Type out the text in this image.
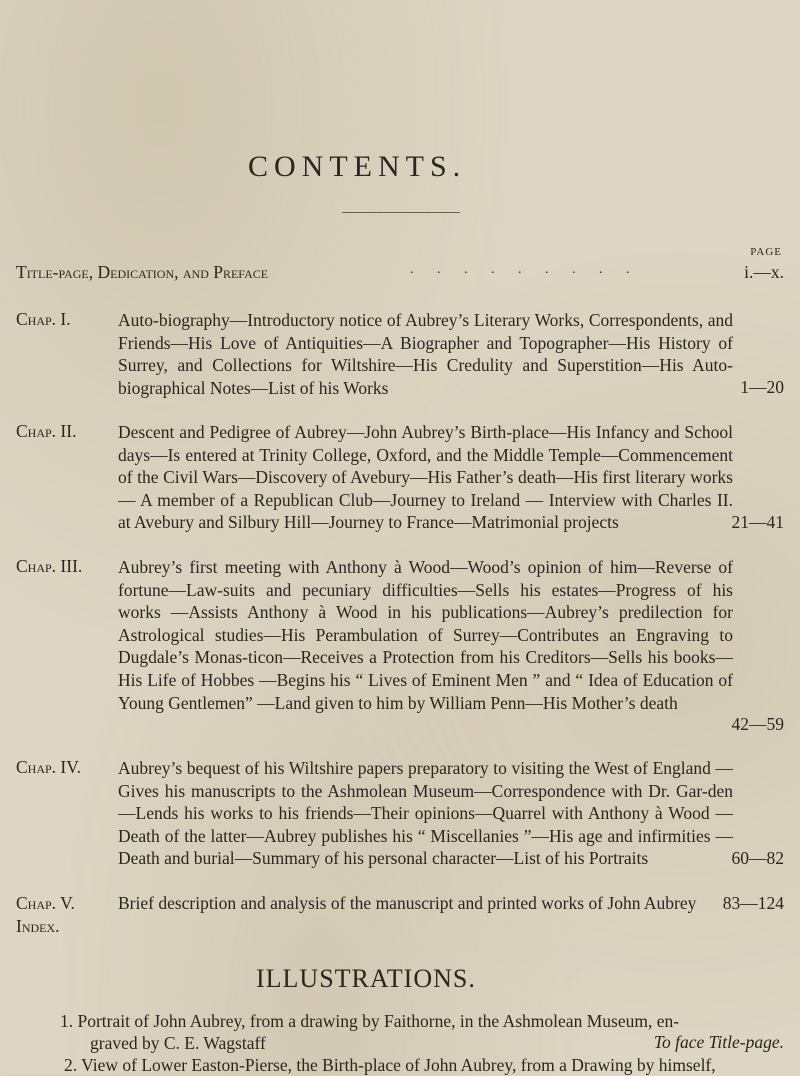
CONTENTS.
PAGE
Title-page, Dedication, and Preface	. . . . . . . . .	i.—x.
Chap. I.	Auto-biography—Introductory notice of Aubrey’s Literary Works, Correspondents, and Friends—His Love of Antiquities—A Biographer and Topographer—His History of Surrey, and Collections for Wiltshire—His Credulity and Superstition—His Auto-biographical Notes—List of his Works	1—20
Chap. II. Descent and Pedigree of Aubrey—John Aubrey’s Birth-place—His Infancy and School days—Is entered at Trinity College, Oxford, and the Middle Temple—Commencement of the Civil Wars—Discovery of Avebury—His Father’s death—His first literary works — A member of a Republican Club—Journey to Ireland — Interview with Charles II. at Avebury and Silbury Hill—Journey to France—Matrimonial projects	21—41
Chap. III. Aubrey’s first meeting with Anthony à Wood—Wood’s opinion of him—Reverse of fortune—Law-suits and pecuniary difficulties—Sells his estates—Progress of his works —Assists Anthony à Wood in his publications—Aubrey’s predilection for Astrological studies—His Perambulation of Surrey—Contributes an Engraving to Dugdale’s Monas-ticon—Receives a Protection from his Creditors—Sells his books—His Life of Hobbes —Begins his “ Lives of Eminent Men ” and “ Idea of Education of Young Gentlemen” —Land given to him by William Penn—His Mother’s death
42—59
Chap. IV. Aubrey’s bequest of his Wiltshire papers preparatory to visiting the West of England —Gives his manuscripts to the Ashmolean Museum—Correspondence with Dr. Gar-den—Lends his works to his friends—Their opinions—Quarrel with Anthony à Wood —Death of the latter—Aubrey publishes his “ Miscellanies ”—His age and infirmities —Death and burial—Summary of his personal character—List of his Portraits	60—82
Chap. V. Brief description and analysis of the manuscript and printed works of John Aubrey 83—124
Index.
ILLUSTRATIONS.
1. Portrait of John Aubrey, from a drawing by Faithorne, in the Ashmolean Museum, en-
graved by C. E. Wagstaff	To face Title-page.
2. View of Lower Easton-Pierse, the Birth-place of John Aubrey, from a Drawing by himself,
